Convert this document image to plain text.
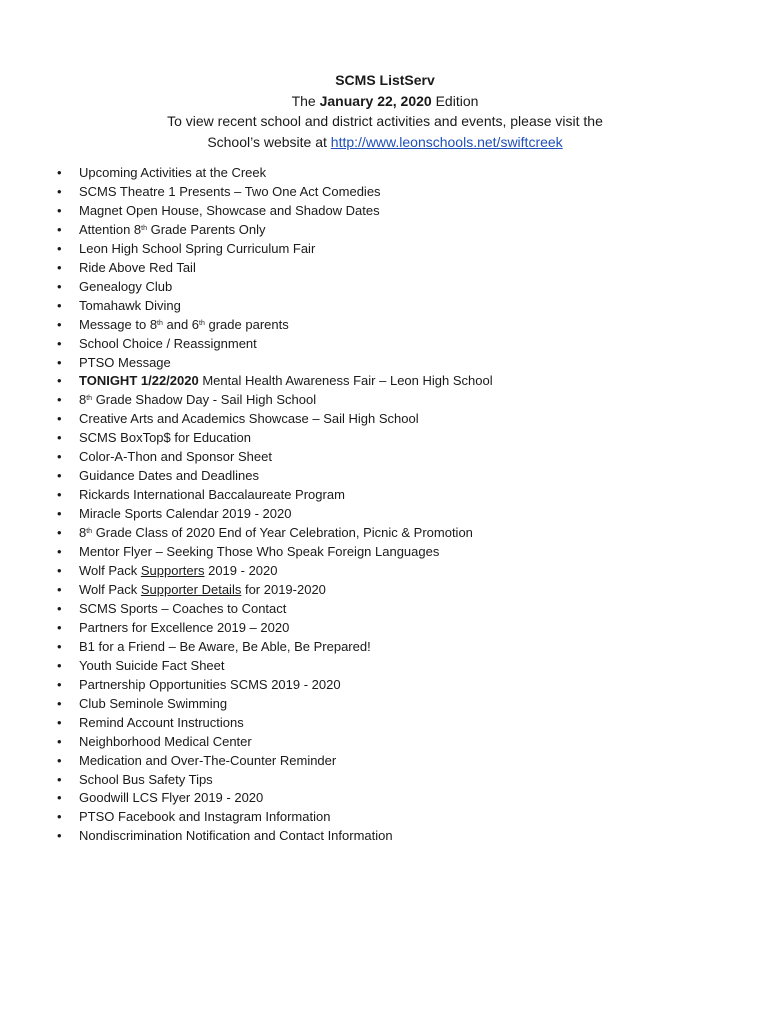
SCMS ListServ
The January 22, 2020 Edition
To view recent school and district activities and events, please visit the
School’s website at http://www.leonschools.net/swiftcreek
•	Upcoming Activities at the Creek
•	SCMS Theatre 1 Presents – Two One Act Comedies
•	Magnet Open House, Showcase and Shadow Dates
•	Attention 8th Grade Parents Only
•	Leon High School Spring Curriculum Fair
•	Ride Above Red Tail
•	Genealogy Club
•	Tomahawk Diving
•	Message to 8th and 6th grade parents
•	School Choice / Reassignment
•	PTSO Message
•	TONIGHT 1/22/2020 Mental Health Awareness Fair – Leon High School
•	8th Grade Shadow Day - Sail High School
•	Creative Arts and Academics Showcase – Sail High School
•	SCMS BoxTop$ for Education
•	Color-A-Thon and Sponsor Sheet
•	Guidance Dates and Deadlines
•	Rickards International Baccalaureate Program
•	Miracle Sports Calendar 2019 - 2020
•	8th Grade Class of 2020 End of Year Celebration, Picnic & Promotion
•	Mentor Flyer – Seeking Those Who Speak Foreign Languages
•	Wolf Pack Supporters 2019 - 2020
•	Wolf Pack Supporter Details for 2019-2020
•	SCMS Sports – Coaches to Contact
•	Partners for Excellence 2019 – 2020
•	B1 for a Friend – Be Aware, Be Able, Be Prepared!
•	Youth Suicide Fact Sheet
•	Partnership Opportunities SCMS 2019 - 2020
•	Club Seminole Swimming
•	Remind Account Instructions
•	Neighborhood Medical Center
•	Medication and Over-The-Counter Reminder
•	School Bus Safety Tips
•	Goodwill LCS Flyer 2019 - 2020
•	PTSO Facebook and Instagram Information
•	Nondiscrimination Notification and Contact Information
